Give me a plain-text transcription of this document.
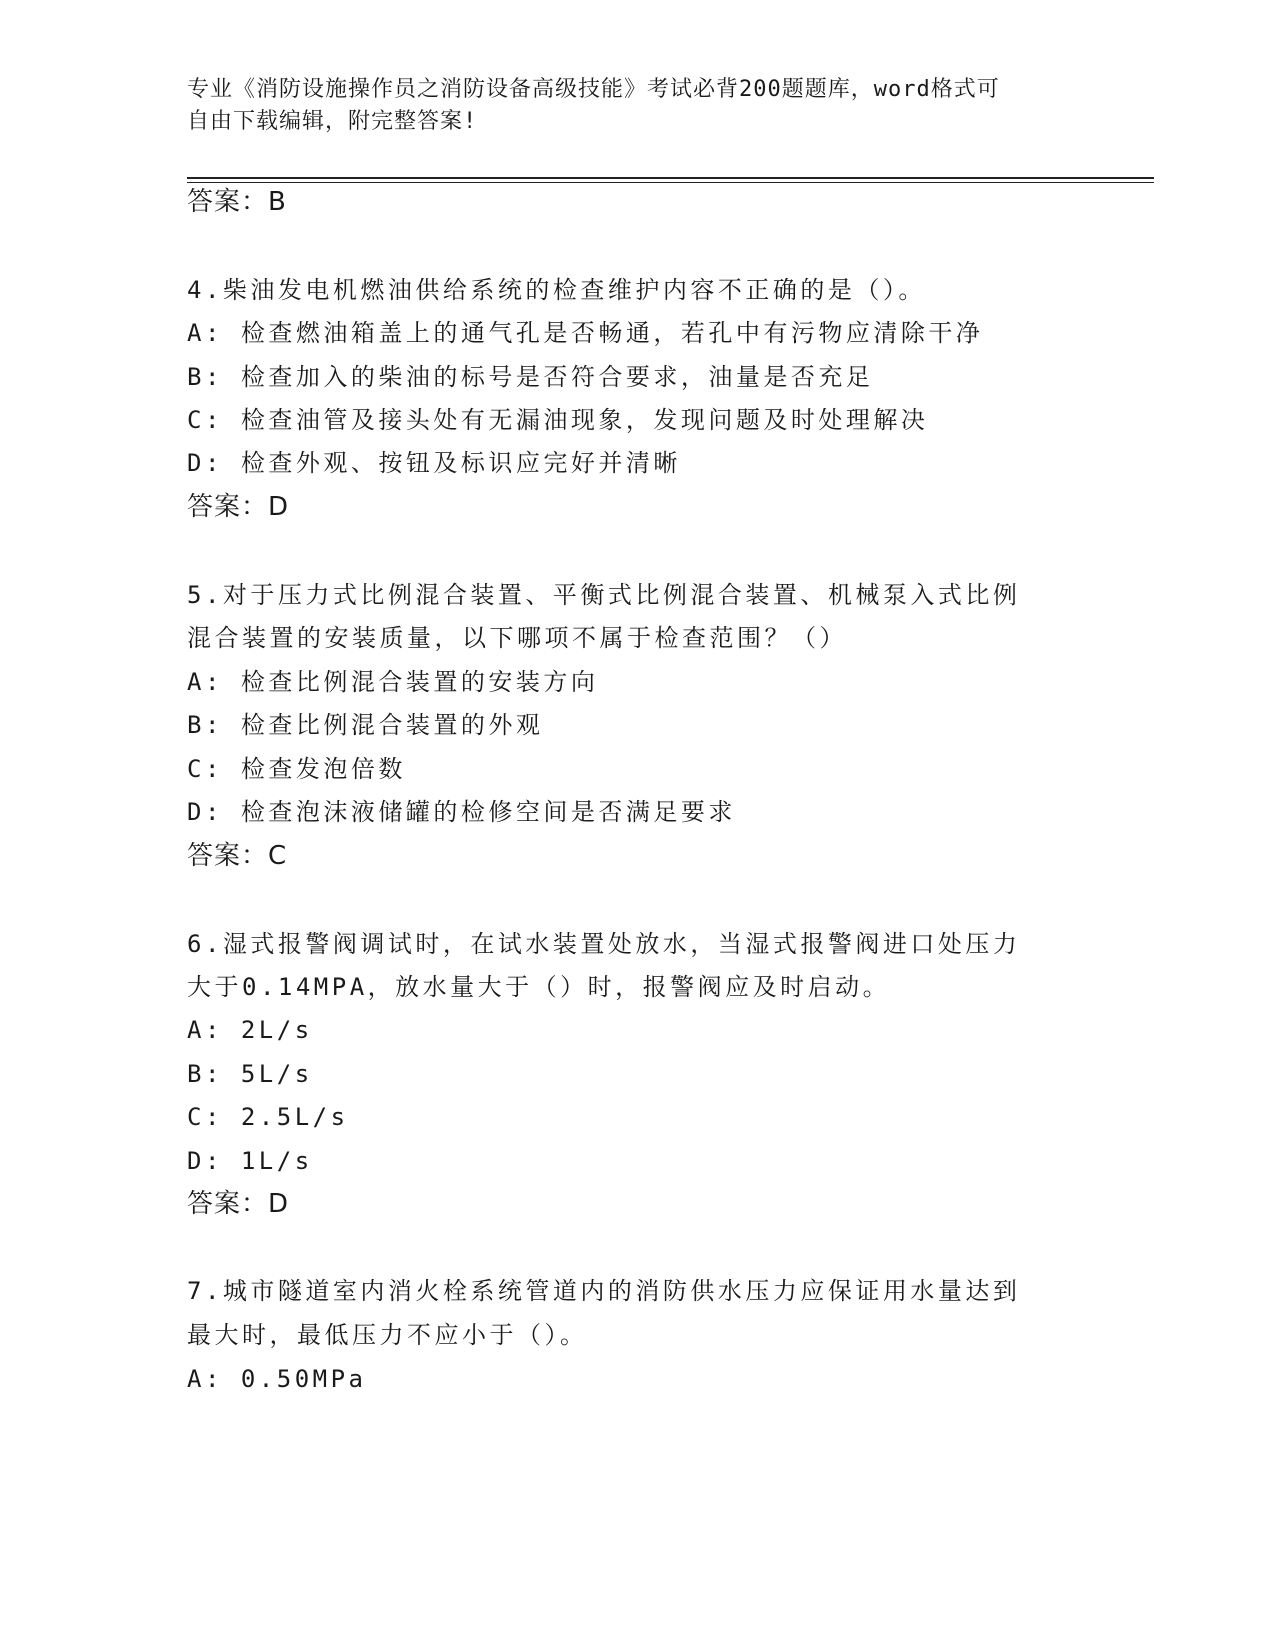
专业《消防设施操作员之消防设备高级技能》考试必背200题题库，word格式可
自由下载编辑，附完整答案!
答案：B
4.柴油发电机燃油供给系统的检查维护内容不正确的是（）。
A: 检查燃油箱盖上的通气孔是否畅通，若孔中有污物应清除干净
B: 检查加入的柴油的标号是否符合要求，油量是否充足
C: 检查油管及接头处有无漏油现象，发现问题及时处理解决
D: 检查外观、按钮及标识应完好并清晰
答案：D
5.对于压力式比例混合装置、平衡式比例混合装置、机械泵入式比例
混合装置的安装质量，以下哪项不属于检查范围？（）
A: 检查比例混合装置的安装方向
B: 检查比例混合装置的外观
C: 检查发泡倍数
D: 检查泡沫液储罐的检修空间是否满足要求
答案：C
6.湿式报警阀调试时，在试水装置处放水，当湿式报警阀进口处压力
大于0.14MPA，放水量大于（）时，报警阀应及时启动。
A: 2L/s
B: 5L/s
C: 2.5L/s
D: 1L/s
答案：D
7.城市隧道室内消火栓系统管道内的消防供水压力应保证用水量达到
最大时，最低压力不应小于（）。
A: 0.50MPa
